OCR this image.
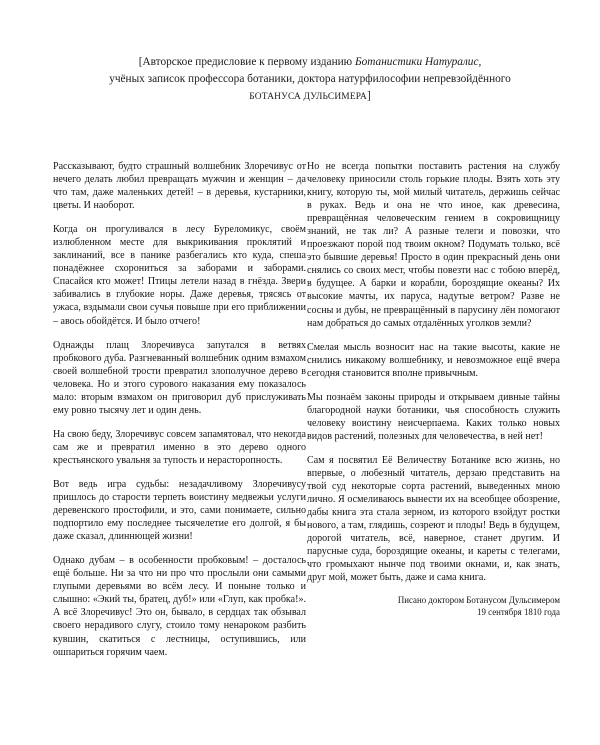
[Авторское предисловие к первому изданию Ботанистики Натуралис,
учёных записок профессора ботаники, доктора натурфилософии непревзойдённого
БОТАНУСА ДУЛЬСИМЕРА]

Рассказывают, будто страшный волшебник Злоречивус от нечего делать любил превращать мужчин и женщин – да что там, даже маленьких детей! – в деревья, кустарники, цветы. И наоборот.

Когда он прогуливался в лесу Буреломикус, своём излюбленном месте для выкрикивания проклятий и заклинаний, все в панике разбегались кто куда, спеша понадёжнее схорониться за заборами и заборами. Спасайся кто может! Птицы летели назад в гнёзда. Звери забивались в глубокие норы. Даже деревья, трясясь от ужаса, вздымали свои сучья повыше при его приближении – авось обойдётся. И было отчего!

Однажды плащ Злоречивуса запутался в ветвях пробкового дуба. Разгневанный волшебник одним взмахом своей волшебной трости превратил злополучное дерево в человека. Но и этого сурового наказания ему показалось мало: вторым взмахом он приговорил дуб прислуживать ему ровно тысячу лет и один день.

На свою беду, Злоречивус совсем запамятовал, что некогда сам же и превратил именно в это дерево одного крестьянского увальня за тупость и нерасторопность.

Вот ведь игра судьбы: незадачливому Злоречивусу пришлось до старости терпеть воистину медвежьи услуги деревенского простофили, и это, сами понимаете, сильно подпортило ему последнее тысячелетие его долгой, я бы даже сказал, длиннющей жизни!

Однако дубам – в особенности пробковым! – досталось ещё больше. Ни за что ни про что прослыли они самыми глупыми деревьями во всём лесу. И поныне только и слышно: «Экий ты, братец, дуб!» или «Глуп, как пробка!». А всё Злоречивус! Это он, бывало, в сердцах так обзывал своего нерадивого слугу, стоило тому ненароком разбить кувшин, скатиться с лестницы, оступившись, или ошпариться горячим чаем.

Но не всегда попытки поставить растения на службу человеку приносили столь горькие плоды. Взять хоть эту книгу, которую ты, мой милый читатель, держишь сейчас в руках. Ведь и она не что иное, как древесина, превращённая человеческим гением в сокровищницу знаний, не так ли? А разные телеги и повозки, что проезжают порой под твоим окном? Подумать только, всё это бывшие деревья! Просто в один прекрасный день они снялись со своих мест, чтобы повезти нас с тобою вперёд, в будущее. А барки и корабли, бороздящие океаны? Их высокие мачты, их паруса, надутые ветром? Разве не сосны и дубы, не превращённый в парусину лён помогают нам добраться до самых отдалённых уголков земли?

Смелая мысль возносит нас на такие высоты, какие не снились никакому волшебнику, и невозможное ещё вчера сегодня становится вполне привычным.

Мы познаём законы природы и открываем дивные тайны благородной науки ботаники, чья способность служить человеку воистину неисчерпаема. Каких только новых видов растений, полезных для человечества, в ней нет!

Сам я посвятил Её Величеству Ботанике всю жизнь, но впервые, о любезный читатель, дерзаю представить на твой суд некоторые сорта растений, выведенных мною лично. Я осмеливаюсь вынести их на всеобщее обозрение, дабы книга эта стала зерном, из которого взойдут ростки нового, а там, глядишь, созреют и плоды! Ведь в будущем, дорогой читатель, всё, наверное, станет другим. И парусные суда, бороздящие океаны, и кареты с телегами, что громыхают нынче под твоими окнами, и, как знать, друг мой, может быть, даже и сама книга.

Писано доктором Ботанусом Дульсимером
19 сентября 1810 года
